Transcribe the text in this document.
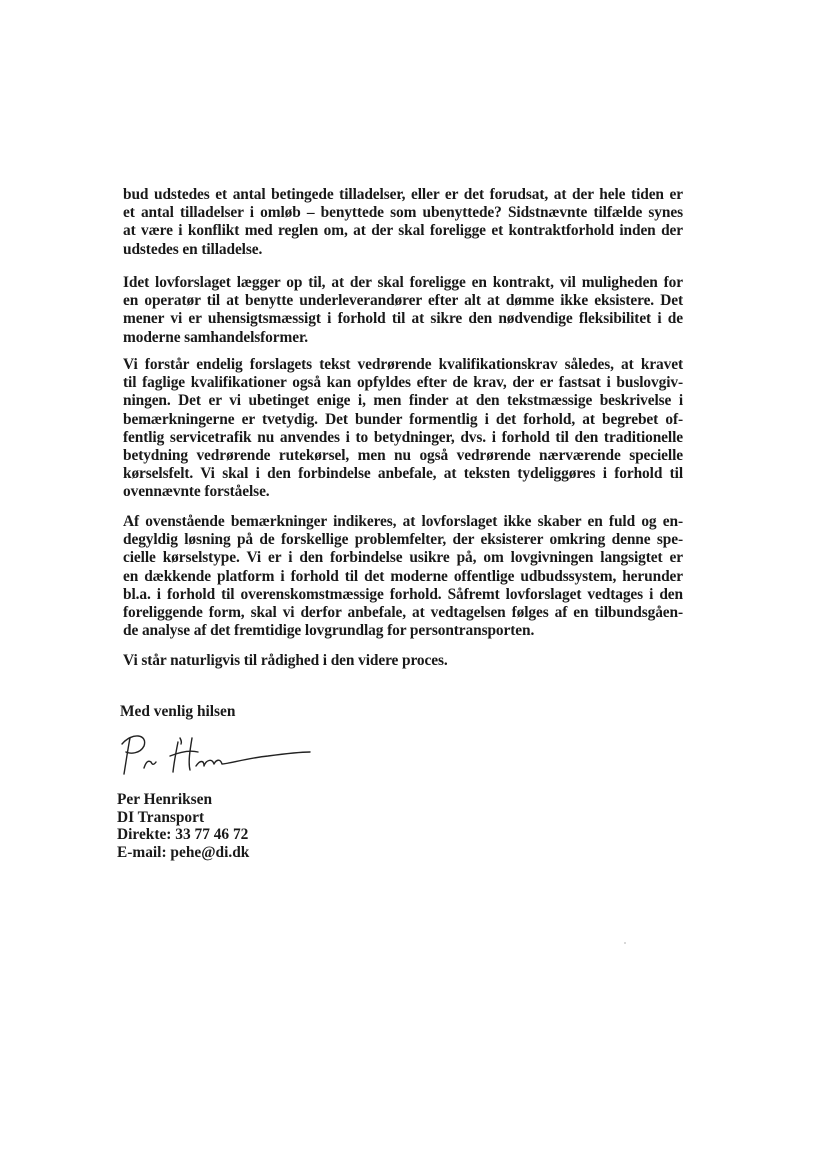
bud udstedes et antal betingede tilladelser, eller er det forudsat, at der hele tiden er
et antal tilladelser i omløb – benyttede som ubenyttede? Sidstnævnte tilfælde synes
at være i konflikt med reglen om, at der skal foreligge et kontraktforhold inden der
udstedes en tilladelse.

Idet lovforslaget lægger op til, at der skal foreligge en kontrakt, vil muligheden for
en operatør til at benytte underleverandører efter alt at dømme ikke eksistere. Det
mener vi er uhensigtsmæssigt i forhold til at sikre den nødvendige fleksibilitet i de
moderne samhandelsformer.

Vi forstår endelig forslagets tekst vedrørende kvalifikationskrav således, at kravet
til faglige kvalifikationer også kan opfyldes efter de krav, der er fastsat i buslovgiv-
ningen. Det er vi ubetinget enige i, men finder at den tekstmæssige beskrivelse i
bemærkningerne er tvetydig. Det bunder formentlig i det forhold, at begrebet of-
fentlig servicetrafik nu anvendes i to betydninger, dvs. i forhold til den traditionelle
betydning vedrørende rutekørsel, men nu også vedrørende nærværende specielle
kørselsfelt. Vi skal i den forbindelse anbefale, at teksten tydeliggøres i forhold til
ovennævnte forståelse.

Af ovenstående bemærkninger indikeres, at lovforslaget ikke skaber en fuld og en-
degyldig løsning på de forskellige problemfelter, der eksisterer omkring denne spe-
cielle kørselstype. Vi er i den forbindelse usikre på, om lovgivningen langsigtet er
en dækkende platform i forhold til det moderne offentlige udbudssystem, herunder
bl.a. i forhold til overenskomstmæssige forhold. Såfremt lovforslaget vedtages i den
foreliggende form, skal vi derfor anbefale, at vedtagelsen følges af en tilbundsgåen-
de analyse af det fremtidige lovgrundlag for persontransporten.

Vi står naturligvis til rådighed i den videre proces.

Med venlig hilsen

Per Henriksen
DI Transport
Direkte: 33 77 46 72
E-mail: pehe@di.dk
